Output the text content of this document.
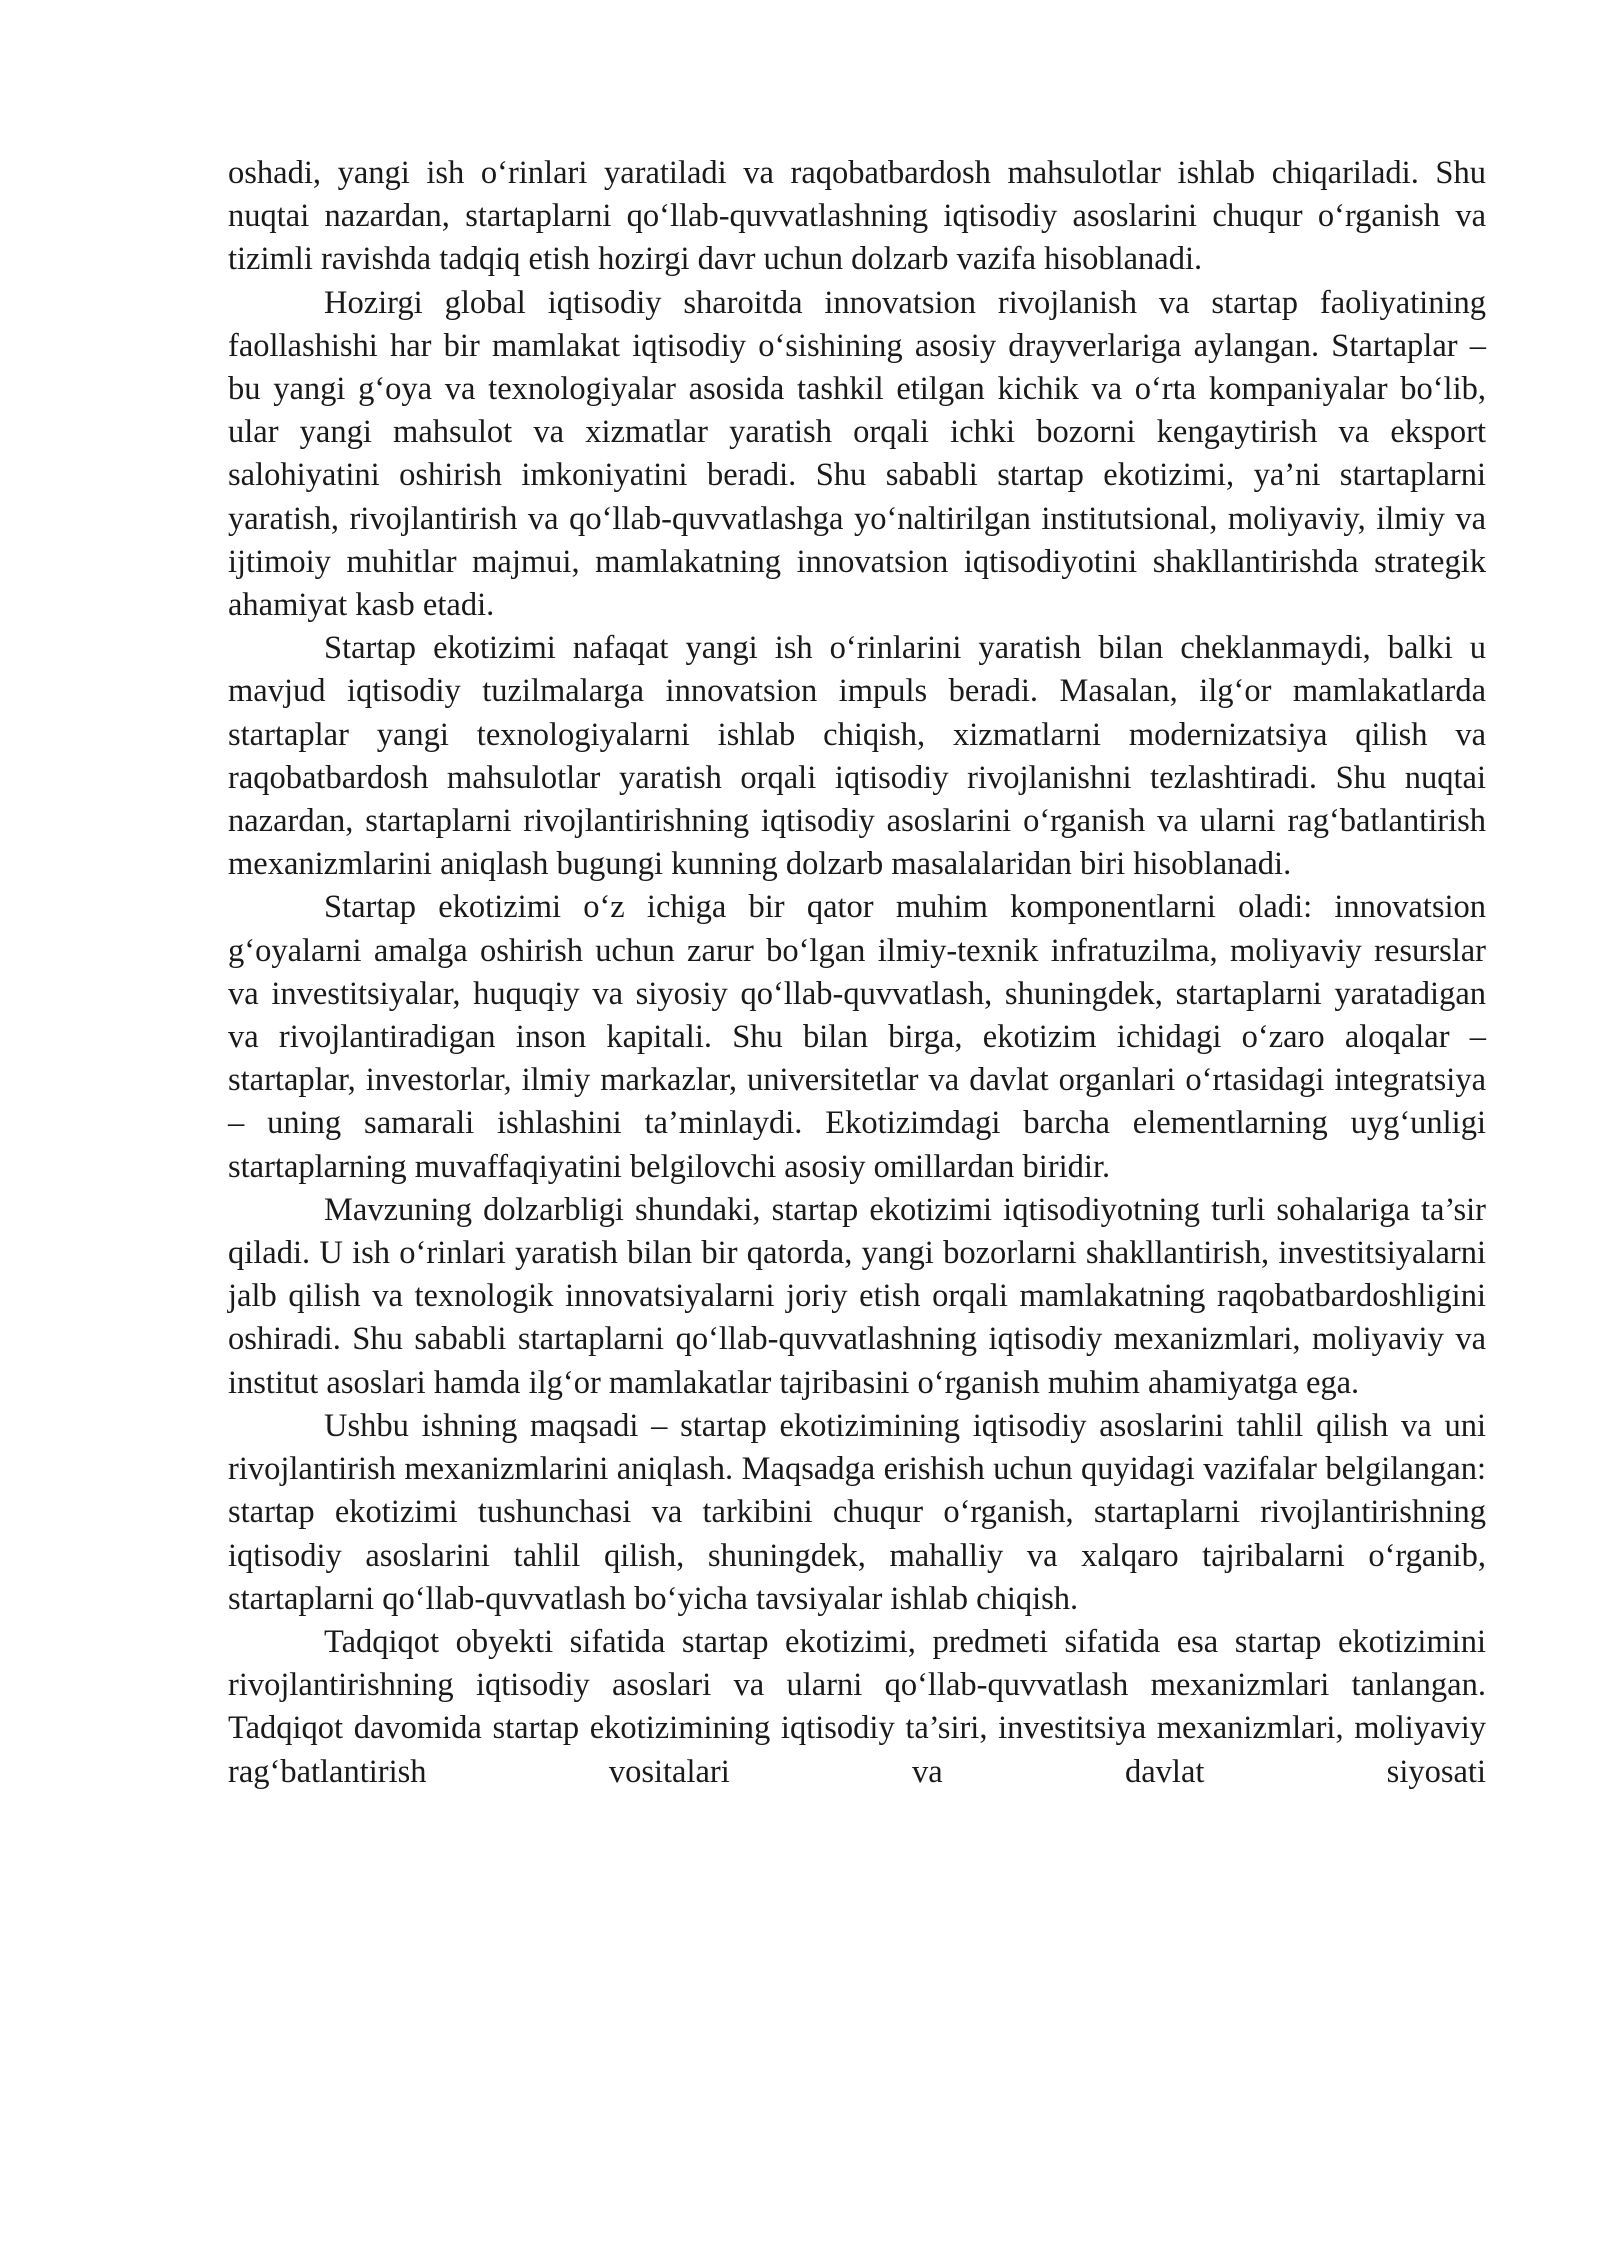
oshadi, yangi ish o‘rinlari yaratiladi va raqobatbardosh mahsulotlar ishlab chiqariladi. Shu nuqtai nazardan, startaplarni qo‘llab-quvvatlashning iqtisodiy asoslarini chuqur o‘rganish va tizimli ravishda tadqiq etish hozirgi davr uchun dolzarb vazifa hisoblanadi.

Hozirgi global iqtisodiy sharoitda innovatsion rivojlanish va startap faoliyatining faollashishi har bir mamlakat iqtisodiy o‘sishining asosiy drayverlariga aylangan. Startaplar – bu yangi g‘oya va texnologiyalar asosida tashkil etilgan kichik va o‘rta kompaniyalar bo‘lib, ular yangi mahsulot va xizmatlar yaratish orqali ichki bozorni kengaytirish va eksport salohiyatini oshirish imkoniyatini beradi. Shu sababli startap ekotizimi, ya’ni startaplarni yaratish, rivojlantirish va qo‘llab-quvvatlashga yo‘naltirilgan institutsional, moliyaviy, ilmiy va ijtimoiy muhitlar majmui, mamlakatning innovatsion iqtisodiyotini shakllantirishda strategik ahamiyat kasb etadi.

Startap ekotizimi nafaqat yangi ish o‘rinlarini yaratish bilan cheklanmaydi, balki u mavjud iqtisodiy tuzilmalarga innovatsion impuls beradi. Masalan, ilg‘or mamlakatlarda startaplar yangi texnologiyalarni ishlab chiqish, xizmatlarni modernizatsiya qilish va raqobatbardosh mahsulotlar yaratish orqali iqtisodiy rivojlanishni tezlashtiradi. Shu nuqtai nazardan, startaplarni rivojlantirishning iqtisodiy asoslarini o‘rganish va ularni rag‘batlantirish mexanizmlarini aniqlash bugungi kunning dolzarb masalalaridan biri hisoblanadi.

Startap ekotizimi o‘z ichiga bir qator muhim komponentlarni oladi: innovatsion g‘oyalarni amalga oshirish uchun zarur bo‘lgan ilmiy-texnik infratuzilma, moliyaviy resurslar va investitsiyalar, huquqiy va siyosiy qo‘llab-quvvatlash, shuningdek, startaplarni yaratadigan va rivojlantiradigan inson kapitali. Shu bilan birga, ekotizim ichidagi o‘zaro aloqalar – startaplar, investorlar, ilmiy markazlar, universitetlar va davlat organlari o‘rtasidagi integratsiya – uning samarali ishlashini ta’minlaydi. Ekotizimdagi barcha elementlarning uyg‘unligi startaplarning muvaffaqiyatini belgilovchi asosiy omillardan biridir.

Mavzuning dolzarbligi shundaki, startap ekotizimi iqtisodiyotning turli sohalariga ta’sir qiladi. U ish o‘rinlari yaratish bilan bir qatorda, yangi bozorlarni shakllantirish, investitsiyalarni jalb qilish va texnologik innovatsiyalarni joriy etish orqali mamlakatning raqobatbardoshligini oshiradi. Shu sababli startaplarni qo‘llab-quvvatlashning iqtisodiy mexanizmlari, moliyaviy va institut asoslari hamda ilg‘or mamlakatlar tajribasini o‘rganish muhim ahamiyatga ega.

Ushbu ishning maqsadi – startap ekotizimining iqtisodiy asoslarini tahlil qilish va uni rivojlantirish mexanizmlarini aniqlash. Maqsadga erishish uchun quyidagi vazifalar belgilangan: startap ekotizimi tushunchasi va tarkibini chuqur o‘rganish, startaplarni rivojlantirishning iqtisodiy asoslarini tahlil qilish, shuningdek, mahalliy va xalqaro tajribalarni o‘rganib, startaplarni qo‘llab-quvvatlash bo‘yicha tavsiyalar ishlab chiqish.

Tadqiqot obyekti sifatida startap ekotizimi, predmeti sifatida esa startap ekotizimini rivojlantirishning iqtisodiy asoslari va ularni qo‘llab-quvvatlash mexanizmlari tanlangan. Tadqiqot davomida startap ekotizimining iqtisodiy ta’siri, investitsiya mexanizmlari, moliyaviy rag‘batlantirish vositalari va davlat siyosati
